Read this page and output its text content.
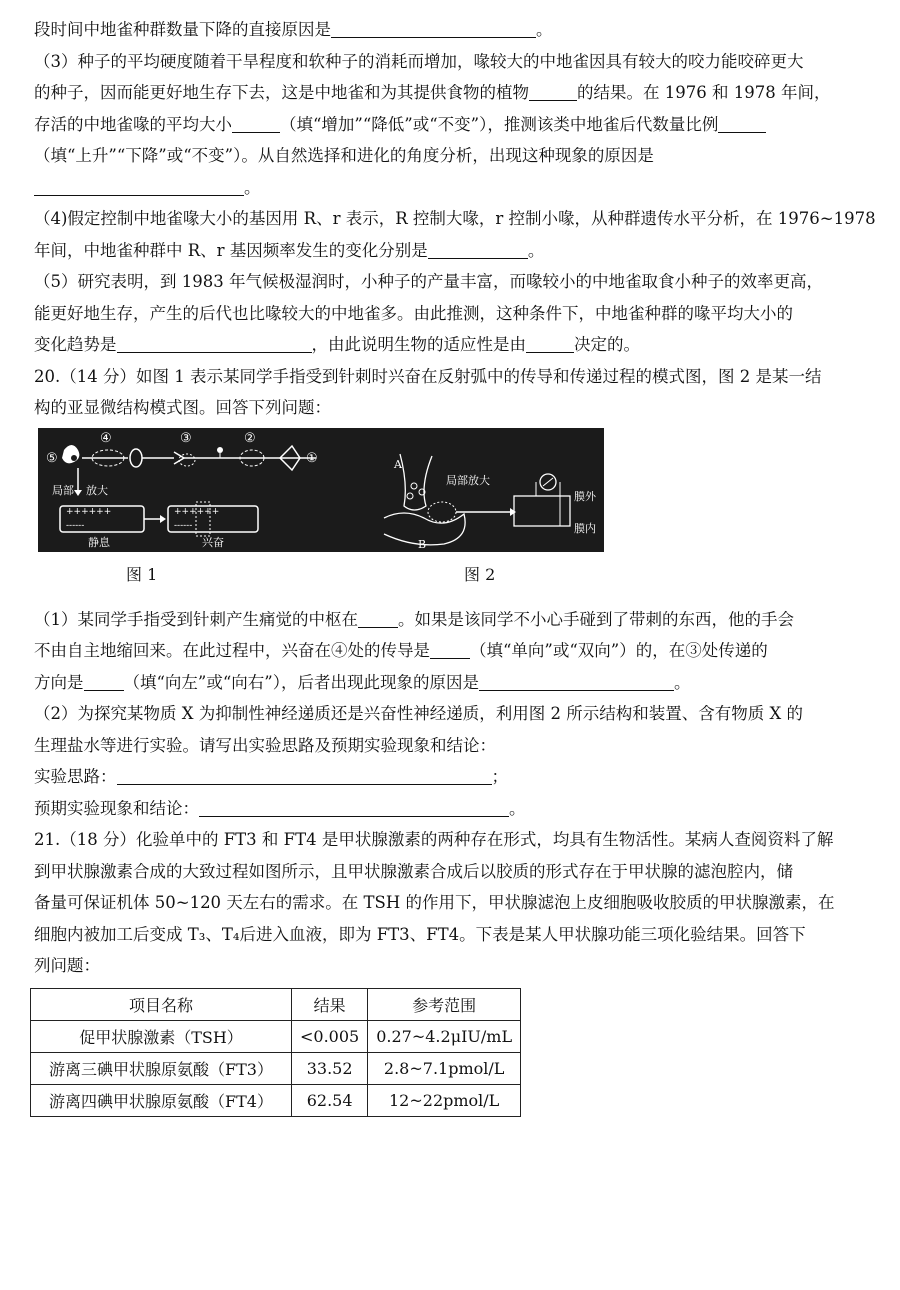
段时间中地雀种群数量下降的直接原因是	。

（3）种子的平均硬度随着干旱程度和软种子的消耗而增加，喙较大的中地雀因具有较大的咬力能咬碎更大

的种子，因而能更好地生存下去，这是中地雀和为其提供食物的植物	的结果。在 1976 和 1978 年间，

存活的中地雀喙的平均大小	（填“增加”“降低”或“不变”），推测该类中地雀后代数量比例

（填“上升”“下降”或“不变”）。从自然选择和进化的角度分析，出现这种现象的原因是

。

（4)假定控制中地雀喙大小的基因用 R、r 表示，R 控制大喙，r 控制小喙，从种群遗传水平分析，在 1976~1978

年间，中地雀种群中 R、r 基因频率发生的变化分别是	。

（5）研究表明，到 1983 年气候极湿润时，小种子的产量丰富，而喙较小的中地雀取食小种子的效率更高，

能更好地生存，产生的后代也比喙较大的中地雀多。由此推测，这种条件下，中地雀种群的喙平均大小的

变化趋势是	，由此说明生物的适应性是由	决定的。

20.（14 分）如图 1 表示某同学手指受到针刺时兴奋在反射弧中的传导和传递过程的模式图，图 2 是某一结

构的亚显微结构模式图。回答下列问题：

⑤
④	③	②
①
局部 放大
++++++
------
++++++
------
静息	兴奋
A
B
局部放大
膜外
膜内
图 1	图 2

（1）某同学手指受到针刺产生痛觉的中枢在 。如果是该同学不小心手碰到了带刺的东西，他的手会

不由自主地缩回来。在此过程中，兴奋在④处的传导是 （填“单向”或“双向”）的，在③处传递的

方向是 （填“向左”或“向右”），后者出现此现象的原因是	。

（2）为探究某物质 X 为抑制性神经递质还是兴奋性神经递质，利用图 2 所示结构和装置、含有物质 X 的

生理盐水等进行实验。请写出实验思路及预期实验现象和结论：

实验思路：	；

预期实验现象和结论：	。

21.（18 分）化验单中的 FT3 和 FT4 是甲状腺激素的两种存在形式，均具有生物活性。某病人查阅资料了解

到甲状腺激素合成的大致过程如图所示，且甲状腺激素合成后以胶质的形式存在于甲状腺的滤泡腔内，储

备量可保证机体 50~120 天左右的需求。在 TSH 的作用下，甲状腺滤泡上皮细胞吸收胶质的甲状腺激素，在

细胞内被加工后变成 T₃、T₄后进入血液，即为 FT3、FT4。下表是某人甲状腺功能三项化验结果。回答下

列问题：

项目名称	结果	参考范围
促甲状腺激素（TSH）	<0.005	0.27~4.2μIU/mL
游离三碘甲状腺原氨酸（FT3）	33.52	2.8~7.1pmol/L
游离四碘甲状腺原氨酸（FT4）	62.54	12~22pmol/L
